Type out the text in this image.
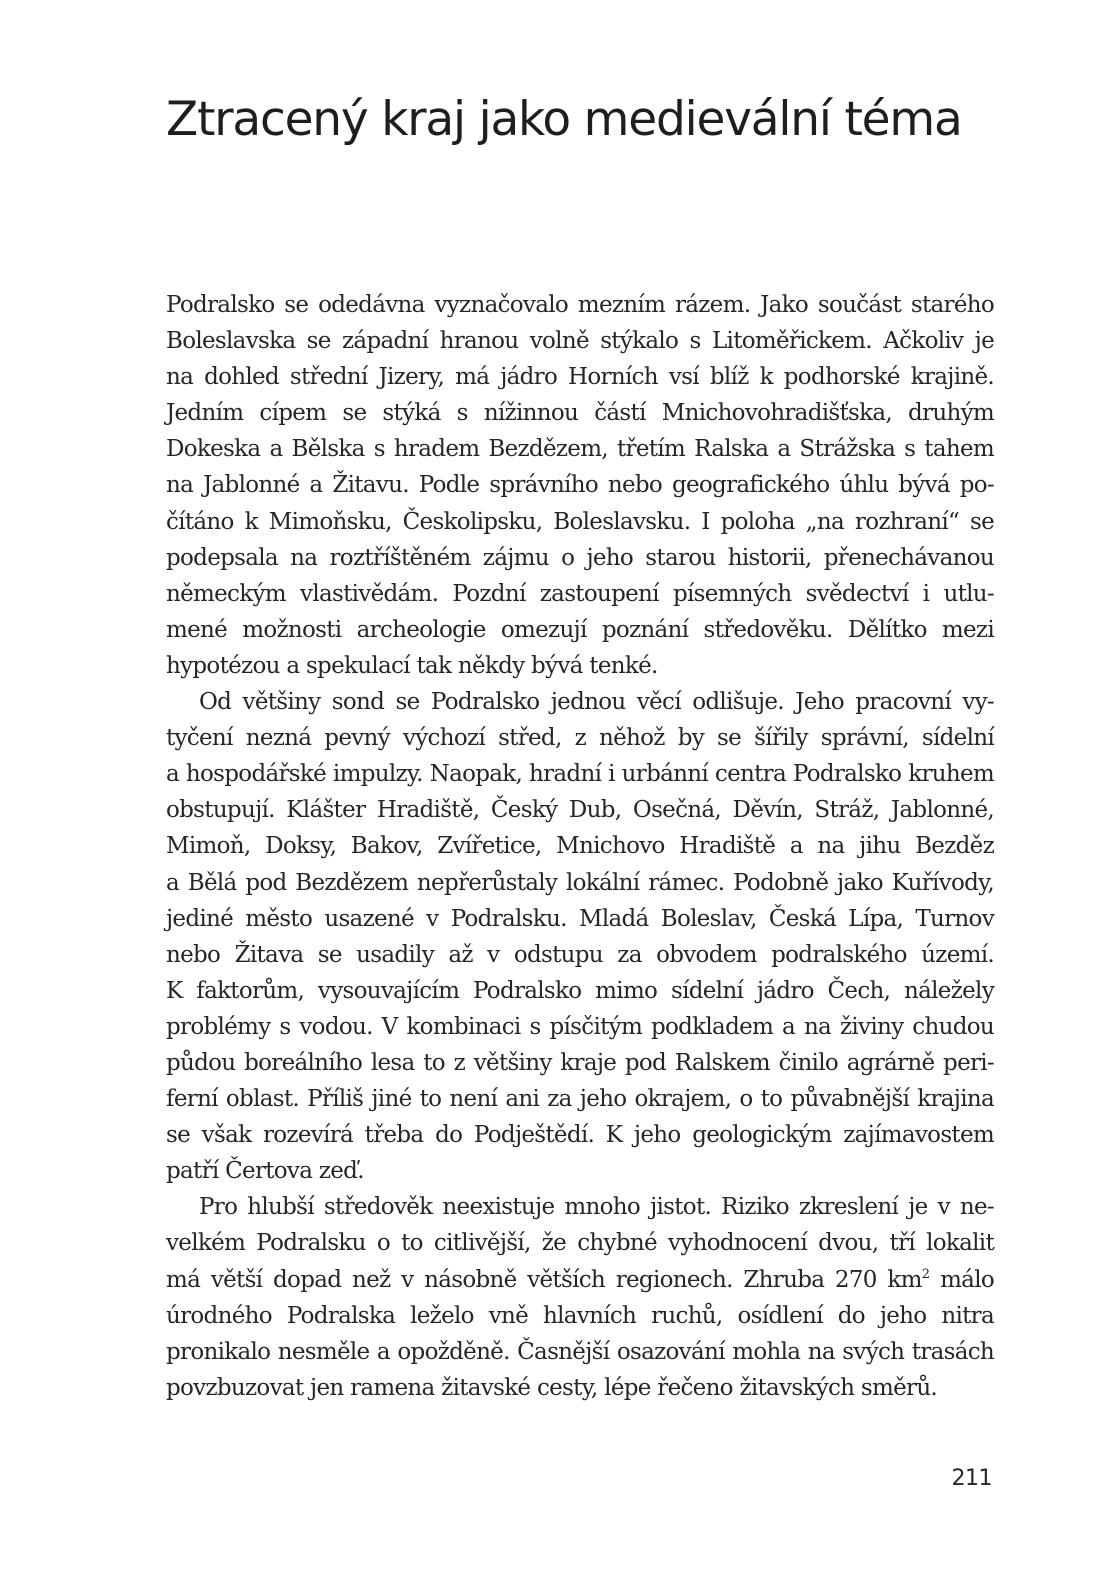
Ztracený kraj jako medievální téma
Podralsko se odedávna vyznačovalo mezním rázem. Jako součást starého
Boleslavska se západní hranou volně stýkalo s Litoměřickem. Ačkoliv je
na dohled střední Jizery, má jádro Horních vsí blíž k podhorské krajině.
Jedním cípem se stýká s nížinnou částí Mnichovohradišťska, druhým
Dokeska a Bělska s hradem Bezdězem, třetím Ralska a Strážska s tahem
na Jablonné a Žitavu. Podle správního nebo geografického úhlu bývá po-
čítáno k Mimoňsku, Českolipsku, Boleslavsku. I poloha „na rozhraní“ se
podepsala na roztříštěném zájmu o jeho starou historii, přenechávanou
německým vlastivědám. Pozdní zastoupení písemných svědectví i utlu-
mené možnosti archeologie omezují poznání středověku. Dělítko mezi
hypotézou a spekulací tak někdy bývá tenké.
Od většiny sond se Podralsko jednou věcí odlišuje. Jeho pracovní vy-
tyčení nezná pevný výchozí střed, z něhož by se šířily správní, sídelní
a hospodářské impulzy. Naopak, hradní i urbánní centra Podralsko kruhem
obstupují. Klášter Hradiště, Český Dub, Osečná, Děvín, Stráž, Jablonné,
Mimoň, Doksy, Bakov, Zvířetice, Mnichovo Hradiště a na jihu Bezděz
a Bělá pod Bezdězem nepřerůstaly lokální rámec. Podobně jako Kuřívody,
jediné město usazené v Podralsku. Mladá Boleslav, Česká Lípa, Turnov
nebo Žitava se usadily až v odstupu za obvodem podralského území.
K faktorům, vysouvajícím Podralsko mimo sídelní jádro Čech, náležely
problémy s vodou. V kombinaci s písčitým podkladem a na živiny chudou
půdou boreálního lesa to z většiny kraje pod Ralskem činilo agrárně peri-
ferní oblast. Příliš jiné to není ani za jeho okrajem, o to půvabnější krajina
se však rozevírá třeba do Podještědí. K jeho geologickým zajímavostem
patří Čertova zeď.
Pro hlubší středověk neexistuje mnoho jistot. Riziko zkreslení je v ne-
velkém Podralsku o to citlivější, že chybné vyhodnocení dvou, tří lokalit
má větší dopad než v násobně větších regionech. Zhruba 270 $km^2$ málo
úrodného Podralska leželo vně hlavních ruchů, osídlení do jeho nitra
pronikalo nesměle a opožděně. Časnější osazování mohla na svých trasách
povzbuzovat jen ramena žitavské cesty, lépe řečeno žitavských směrů.
211
